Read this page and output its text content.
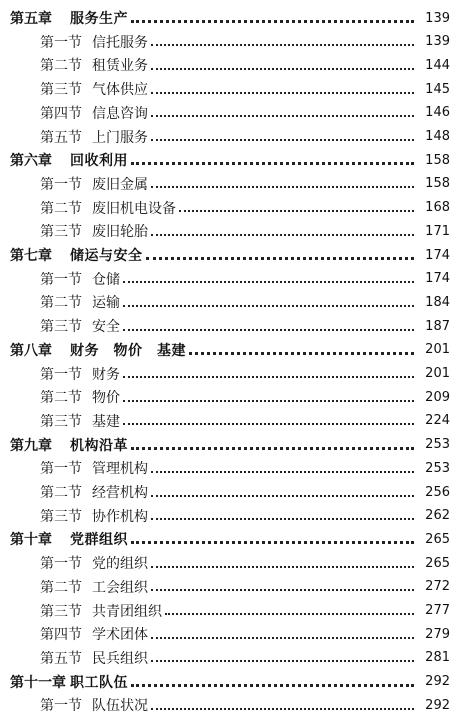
第五章	服务生产	139
第一节 信托服务	139
第二节 租赁业务	144
第三节 气体供应	145
第四节 信息咨询	146
第五节 上门服务	148
第六章	回收利用	158
第一节 废旧金属	158
第二节 废旧机电设备	168
第三节 废旧轮胎	171
第七章	储运与安全	174
第一节 仓储	174
第二节 运输	184
第三节 安全	187
第八章	财务　物价　基建	201
第一节 财务	201
第二节 物价	209
第三节 基建	224
第九章	机构沿革	253
第一节 管理机构	253
第二节 经营机构	256
第三节 协作机构	262
第十章	党群组织	265
第一节 党的组织	265
第二节 工会组织	272
第三节 共青团组织	277
第四节 学术团体	279
第五节 民兵组织	281
第十一章 职工队伍	292
第一节 队伍状况	292
